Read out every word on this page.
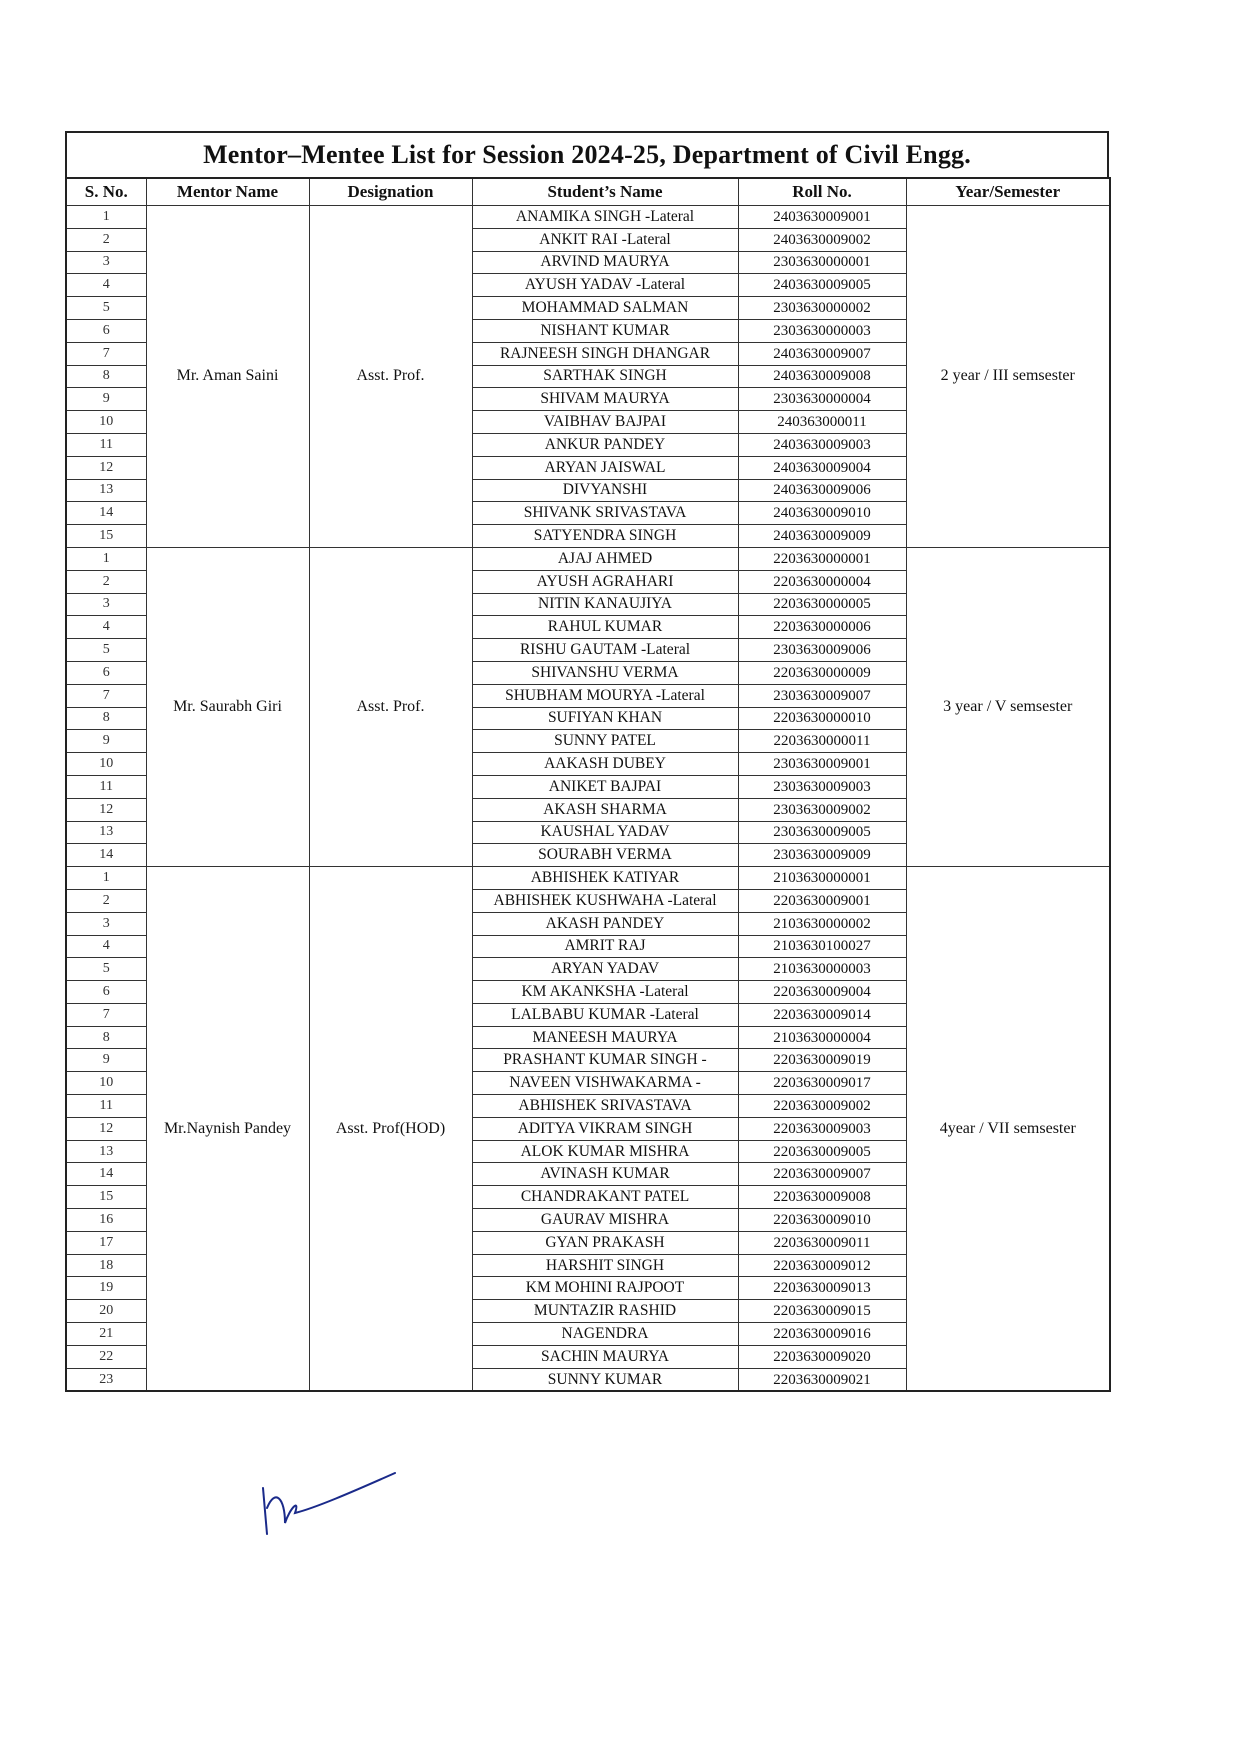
Mentor–Mentee List for Session 2024-25, Department of Civil Engg.
S. No.	Mentor Name	Designation	Student’s Name	Roll No.	Year/Semester
1	Mr. Aman Saini	Asst. Prof.	ANAMIKA SINGH -Lateral	2403630009001	2 year / III semsester
2			ANKIT RAI -Lateral	2403630009002	
3			ARVIND MAURYA	2303630000001	
4			AYUSH YADAV -Lateral	2403630009005	
5			MOHAMMAD SALMAN	2303630000002	
6			NISHANT KUMAR	2303630000003	
7			RAJNEESH SINGH DHANGAR	2403630009007	
8			SARTHAK SINGH	2403630009008	
9			SHIVAM MAURYA	2303630000004	
10			VAIBHAV BAJPAI	240363000011	
11			ANKUR PANDEY	2403630009003	
12			ARYAN JAISWAL	2403630009004	
13			DIVYANSHI	2403630009006	
14			SHIVANK SRIVASTAVA	2403630009010	
15			SATYENDRA SINGH	2403630009009	
1	Mr. Saurabh Giri	Asst. Prof.	AJAJ AHMED	2203630000001	3 year / V semsester
2			AYUSH AGRAHARI	2203630000004	
3			NITIN KANAUJIYA	2203630000005	
4			RAHUL KUMAR	2203630000006	
5			RISHU GAUTAM -Lateral	2303630009006	
6			SHIVANSHU VERMA	2203630000009	
7			SHUBHAM MOURYA -Lateral	2303630009007	
8			SUFIYAN KHAN	2203630000010	
9			SUNNY PATEL	2203630000011	
10			AAKASH DUBEY	2303630009001	
11			ANIKET BAJPAI	2303630009003	
12			AKASH SHARMA	2303630009002	
13			KAUSHAL YADAV	2303630009005	
14			SOURABH VERMA	2303630009009	
1	Mr.Naynish Pandey	Asst. Prof(HOD)	ABHISHEK KATIYAR	2103630000001	4year / VII semsester
2			ABHISHEK KUSHWAHA -Lateral	2203630009001	
3			AKASH PANDEY	2103630000002	
4			AMRIT RAJ	2103630100027	
5			ARYAN YADAV	2103630000003	
6			KM AKANKSHA -Lateral	2203630009004	
7			LALBABU KUMAR -Lateral	2203630009014	
8			MANEESH MAURYA	2103630000004	
9			PRASHANT KUMAR SINGH -	2203630009019	
10			NAVEEN VISHWAKARMA -	2203630009017	
11			ABHISHEK SRIVASTAVA	2203630009002	
12			ADITYA VIKRAM SINGH	2203630009003	
13			ALOK KUMAR MISHRA	2203630009005	
14			AVINASH KUMAR	2203630009007	
15			CHANDRAKANT PATEL	2203630009008	
16			GAURAV MISHRA	2203630009010	
17			GYAN PRAKASH	2203630009011	
18			HARSHIT SINGH	2203630009012	
19			KM MOHINI RAJPOOT	2203630009013	
20			MUNTAZIR RASHID	2203630009015	
21			NAGENDRA	2203630009016	
22			SACHIN MAURYA	2203630009020	
23			SUNNY KUMAR	2203630009021	
